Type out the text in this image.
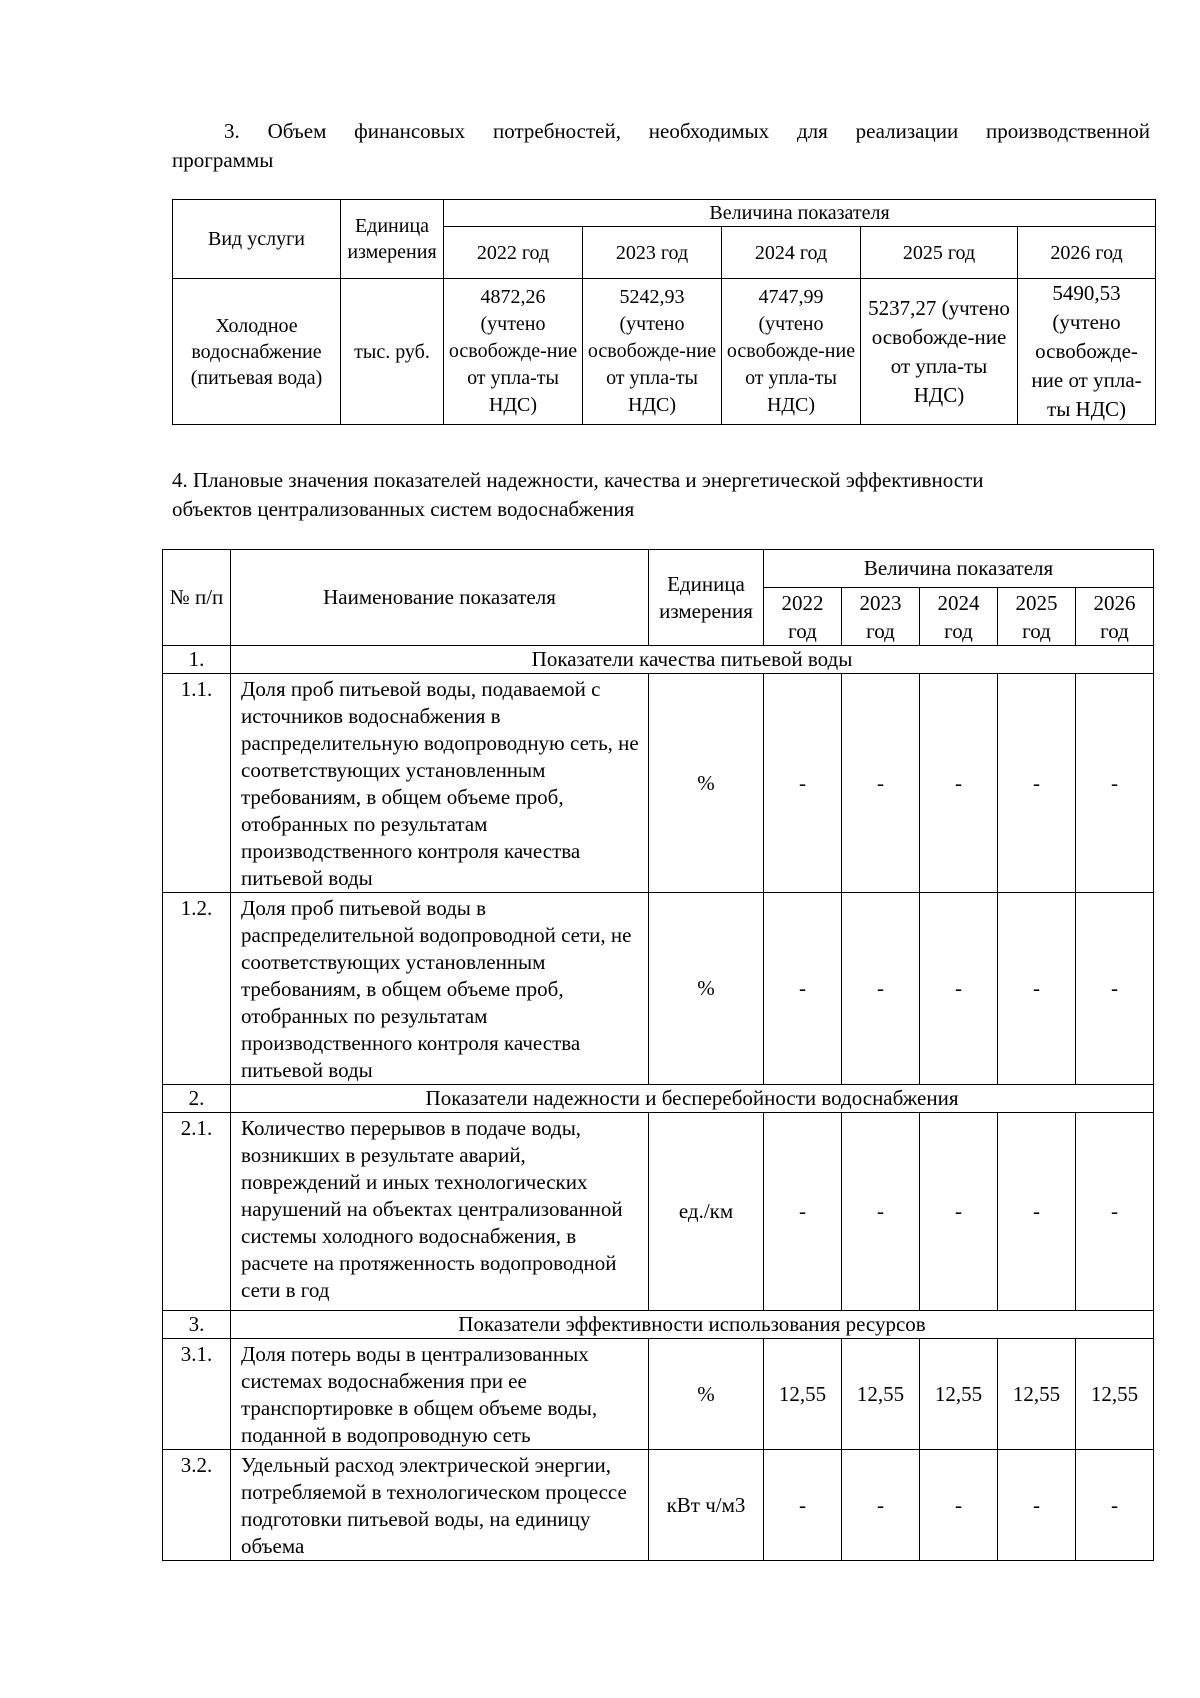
3. Объем финансовых потребностей, необходимых для реализации производственной
программы
Вид услуги	Единица измерения	Величина показателя				
		2022 год	2023 год	2024 год	2025 год	2026 год
Холодное водоснабжение (питьевая вода)	тыс. руб.	4872,26 (учтено освобожде-ние от упла-ты НДС)	5242,93 (учтено освобожде-ние от упла-ты НДС)	4747,99 (учтено освобожде-ние от упла-ты НДС)	5237,27 (учтено освобожде-ние от упла-ты НДС)	5490,53 (учтено освобожде-ние от упла-ты НДС)
4. Плановые значения показателей надежности, качества и энергетической эффективности
объектов централизованных систем водоснабжения
№ п/п	Наименование показателя	Единица измерения	Величина показателя				
			2022 год	2023 год	2024 год	2025 год	2026 год
1.	Показатели качества питьевой воды						
1.1.	Доля проб питьевой воды, подаваемой с источников водоснабжения в распределительную водопроводную сеть, не соответствующих установленным требованиям, в общем объеме проб, отобранных по результатам производственного контроля качества питьевой воды	%	-	-	-	-	-
1.2.	Доля проб питьевой воды в распределительной водопроводной сети, не соответствующих установленным требованиям, в общем объеме проб, отобранных по результатам производственного контроля качества питьевой воды	%	-	-	-	-	-
2.	Показатели надежности и бесперебойности водоснабжения						
2.1.	Количество перерывов в подаче воды, возникших в результате аварий, повреждений и иных технологических нарушений на объектах централизованной системы холодного водоснабжения, в расчете на протяженность водопроводной сети в год	ед./км	-	-	-	-	-
3.	Показатели эффективности использования ресурсов						
3.1.	Доля потерь воды в централизованных системах водоснабжения при ее транспортировке в общем объеме воды, поданной в водопроводную сеть	%	12,55	12,55	12,55	12,55	12,55
3.2.	Удельный расход электрической энергии, потребляемой в технологическом процессе подготовки питьевой воды, на единицу объема	кВт ч/м3	-	-	-	-	-
